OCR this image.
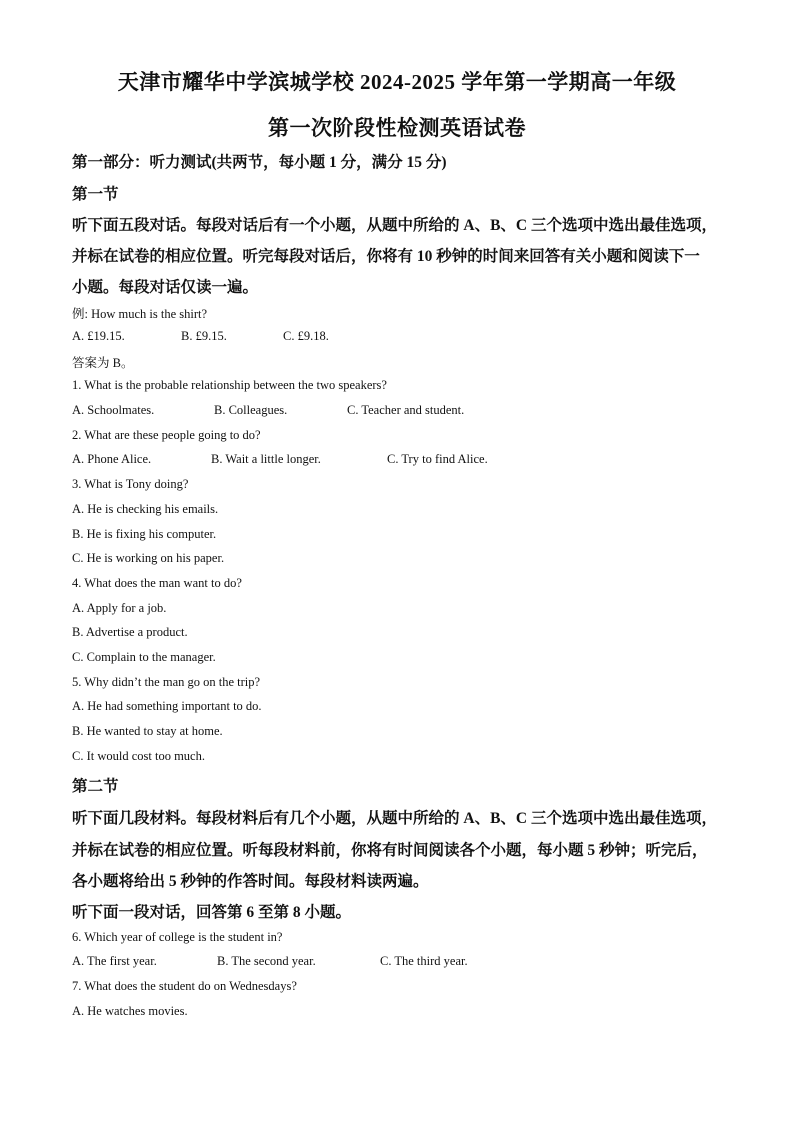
天津市耀华中学滨城学校 2024-2025 学年第一学期高一年级
第一次阶段性检测英语试卷
第一部分：听力测试(共两节，每小题 1 分，满分 15 分)
第一节
听下面五段对话。每段对话后有一个小题，从题中所给的 A、B、C 三个选项中选出最佳选项，
并标在试卷的相应位置。听完每段对话后，你将有 10 秒钟的时间来回答有关小题和阅读下一
小题。每段对话仅读一遍。
例: How much is the shirt?
A. £19.15.	B. £9.15.	C. £9.18.
答案为 B。
1. What is the probable relationship between the two speakers?
A. Schoolmates.	B. Colleagues.	C. Teacher and student.
2. What are these people going to do?
A. Phone Alice.	B. Wait a little longer.	C. Try to find Alice.
3. What is Tony doing?
A. He is checking his emails.
B. He is fixing his computer.
C. He is working on his paper.
4. What does the man want to do?
A. Apply for a job.
B. Advertise a product.
C. Complain to the manager.
5. Why didn’t the man go on the trip?
A. He had something important to do.
B. He wanted to stay at home.
C. It would cost too much.
第二节
听下面几段材料。每段材料后有几个小题，从题中所给的 A、B、C 三个选项中选出最佳选项，
并标在试卷的相应位置。听每段材料前，你将有时间阅读各个小题，每小题 5 秒钟；听完后，
各小题将给出 5 秒钟的作答时间。每段材料读两遍。
听下面一段对话，回答第 6 至第 8 小题。
6. Which year of college is the student in?
A. The first year.	B. The second year.	C. The third year.
7. What does the student do on Wednesdays?
A. He watches movies.
